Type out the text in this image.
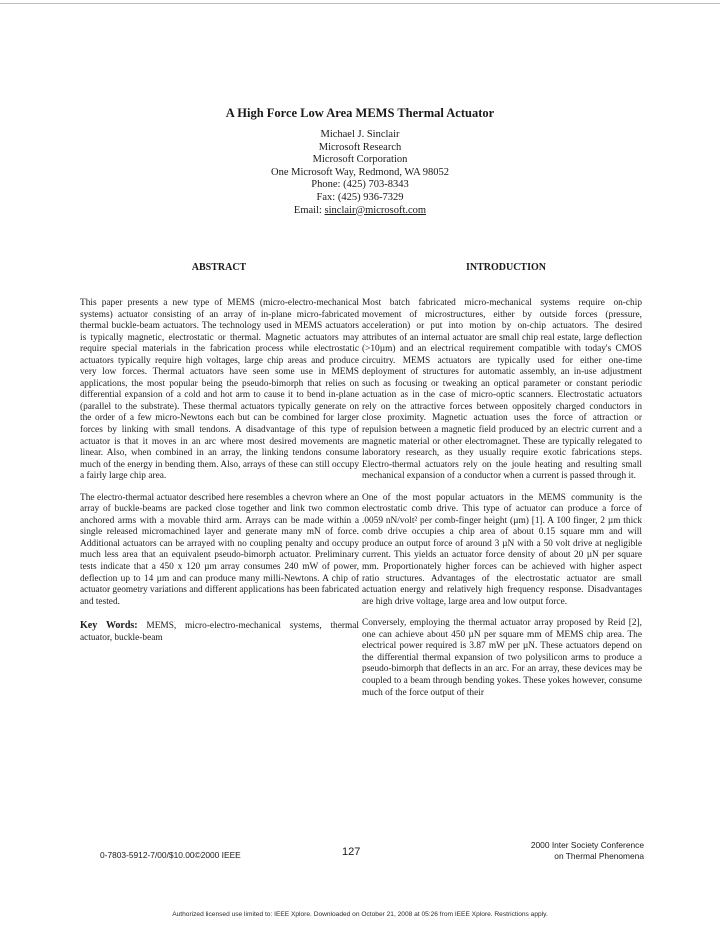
A High Force Low Area MEMS Thermal Actuator
Michael J. Sinclair
Microsoft Research
Microsoft Corporation
One Microsoft Way, Redmond, WA 98052
Phone: (425) 703-8343
Fax: (425) 936-7329
Email: sinclair@microsoft.com
ABSTRACT	INTRODUCTION

This paper presents a new type of MEMS (micro-electro-mechanical systems) actuator consisting of an array of in-plane micro-fabricated thermal buckle-beam actuators. The technology used in MEMS actuators is typically magnetic, electrostatic or thermal. Magnetic actuators may require special materials in the fabrication process while electrostatic actuators typically require high voltages, large chip areas and produce very low forces. Thermal actuators have seen some use in MEMS applications, the most popular being the pseudo-bimorph that relies on differential expansion of a cold and hot arm to cause it to bend in-plane (parallel to the substrate). These thermal actuators typically generate on the order of a few micro-Newtons each but can be combined for larger forces by linking with small tendons. A disadvantage of this type of actuator is that it moves in an arc where most desired movements are linear. Also, when combined in an array, the linking tendons consume much of the energy in bending them. Also, arrays of these can still occupy a fairly large chip area.

The electro-thermal actuator described here resembles a chevron where an array of buckle-beams are packed close together and link two common anchored arms with a movable third arm. Arrays can be made within a single released micromachined layer and generate many mN of force. Additional actuators can be arrayed with no coupling penalty and occupy much less area that an equivalent pseudo-bimorph actuator. Preliminary tests indicate that a 450 x 120 µm array consumes 240 mW of power, deflection up to 14 µm and can produce many milli-Newtons. A chip of actuator geometry variations and different applications has been fabricated and tested.

Key Words: MEMS, micro-electro-mechanical systems, thermal actuator, buckle-beam

Most batch fabricated micro-mechanical systems require on-chip movement of microstructures, either by outside forces (pressure, acceleration) or put into motion by on-chip actuators. The desired attributes of an internal actuator are small chip real estate, large deflection (>10µm) and an electrical requirement compatible with today's CMOS circuitry. MEMS actuators are typically used for either one-time deployment of structures for automatic assembly, an in-use adjustment such as focusing or tweaking an optical parameter or constant periodic actuation as in the case of micro-optic scanners. Electrostatic actuators rely on the attractive forces between oppositely charged conductors in close proximity. Magnetic actuation uses the force of attraction or repulsion between a magnetic field produced by an electric current and a magnetic material or other electromagnet. These are typically relegated to laboratory research, as they usually require exotic fabrications steps. Electro-thermal actuators rely on the joule heating and resulting small mechanical expansion of a conductor when a current is passed through it.

One of the most popular actuators in the MEMS community is the electrostatic comb drive. This type of actuator can produce a force of .0059 nN/volt² per comb-finger height (µm) [1]. A 100 finger, 2 µm thick comb drive occupies a chip area of about 0.15 square mm and will produce an output force of around 3 µN with a 50 volt drive at negligible current. This yields an actuator force density of about 20 µN per square mm. Proportionately higher forces can be achieved with higher aspect ratio structures. Advantages of the electrostatic actuator are small actuation energy and relatively high frequency response. Disadvantages are high drive voltage, large area and low output force.

Conversely, employing the thermal actuator array proposed by Reid [2], one can achieve about 450 µN per square mm of MEMS chip area. The electrical power required is 3.87 mW per µN. These actuators depend on the differential thermal expansion of two polysilicon arms to produce a pseudo-bimorph that deflects in an arc. For an array, these devices may be coupled to a beam through bending yokes. These yokes however, consume much of the force output of their

0-7803-5912-7/00/$10.00©2000 IEEE	127
2000 Inter Society Conference
on Thermal Phenomena
Authorized licensed use limited to: IEEE Xplore. Downloaded on October 21, 2008 at 05:26 from IEEE Xplore. Restrictions apply.
